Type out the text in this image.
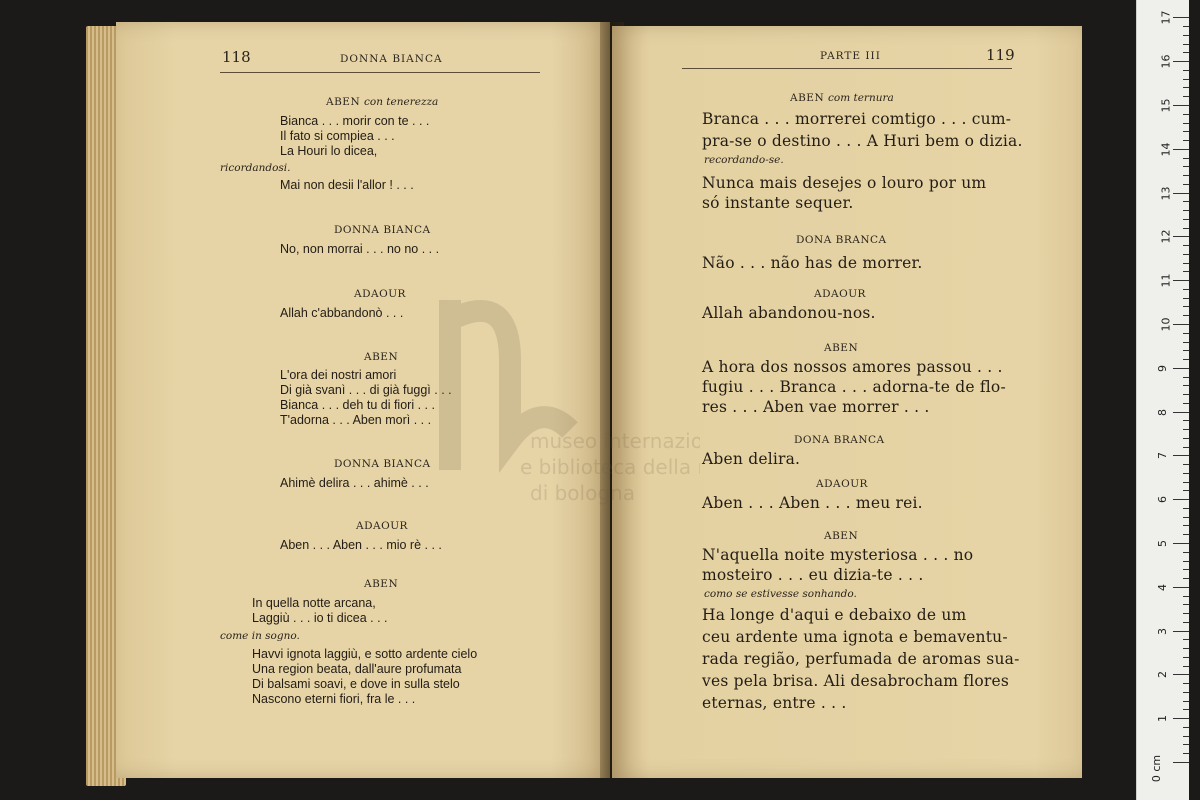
118	DONNA BIANCA
ABEN con tenerezza
Bianca . . . morir con te . . .
Il fato si compiea . . .
La Houri lo dicea,
ricordandosi.
Mai non desii l'allor ! . . .
DONNA BIANCA
No, non morrai . . . no no . . .
ADAOUR
Allah c'abbandonò . . .
ABEN
L'ora dei nostri amori
Di già svanì . . . di già fuggì . . .
Bianca . . . deh tu di fiori . . .
T'adorna . . . Aben morì . . .
DONNA BIANCA
Ahimè delira . . . ahimè . . .
ADAOUR
Aben . . . Aben . . . mio rè . . .
ABEN
In quella notte arcana,
Laggiù . . . io ti dicea . . .
come in sogno.
Havvi ignota laggiù, e sotto ardente cielo
Una region beata, dall'aure profumata
Di balsami soavi, e dove in sulla stelo
Nascono eterni fiori, fra le . . .
PARTE III	119
ABEN com ternura
Branca . . . morrerei comtigo . . . cum-
pra-se o destino . . . A Huri bem o dizia.
recordando-se.
Nunca mais desejes o louro por um
só instante sequer.
DONA BRANCA
Não . . . não has de morrer.
ADAOUR
Allah abandonou-nos.
ABEN
A hora dos nossos amores passou . . .
fugiu . . . Branca . . . adorna-te de flo-
res . . . Aben vae morrer . . .
DONA BRANCA
Aben delira.
ADAOUR
Aben . . . Aben . . . meu rei.
ABEN
N'aquella noite mysteriosa . . . no
mosteiro . . . eu dizia-te . . .
como se estivesse sonhando.
Ha longe d'aqui e debaixo de um
ceu ardente uma ignota e bemaventu-
rada região, perfumada de aromas sua-
ves pela brisa. Ali desabrocham flores
eternas, entre . . .
0 cm
1
2
3
4
5
6
7
8
9
10
11
12
13
14
15
16
17
